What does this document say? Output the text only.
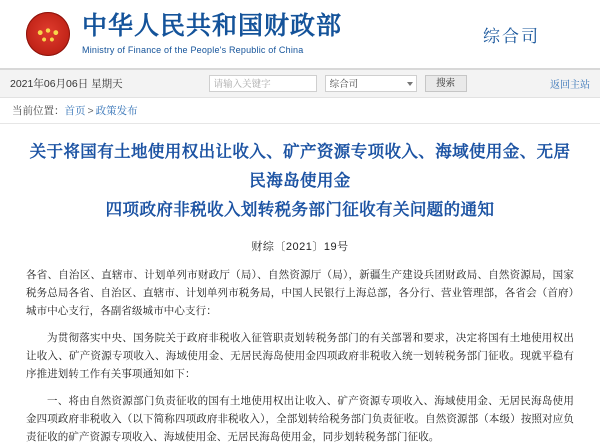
中华人民共和国财政部
Ministry of Finance of the People's Republic of China
综合司
2021年06月06日 星期天	请输入关键字	综合司	搜索	返回主站
当前位置： 首页 > 政策发布
关于将国有土地使用权出让收入、矿产资源专项收入、海域使用金、无居民海岛使用金
四项政府非税收入划转税务部门征收有关问题的通知
财综〔2021〕19号

各省、自治区、直辖市、计划单列市财政厅（局）、自然资源厅（局），新疆生产建设兵团财政局、自然资源局，国家税务总局各省、自治区、直辖市、计划单列市税务局，中国人民银行上海总部，各分行、营业管理部，各省会（首府）城市中心支行，各副省级城市中心支行：

为贯彻落实中央、国务院关于政府非税收入征管职责划转税务部门的有关部署和要求，决定将国有土地使用权出让收入、矿产资源专项收入、海域使用金、无居民海岛使用金四项政府非税收入统一划转税务部门征收。现就平稳有序推进划转工作有关事项通知如下：

一、将由自然资源部门负责征收的国有土地使用权出让收入、矿产资源专项收入、海域使用金、无居民海岛使用金四项政府非税收入（以下简称四项政府非税收入），全部划转给税务部门负责征收。自然资源部（本级）按照对应负责征收的矿产资源专项收入、海域使用金、无居民海岛使用金，同步划转税务部门征收。
